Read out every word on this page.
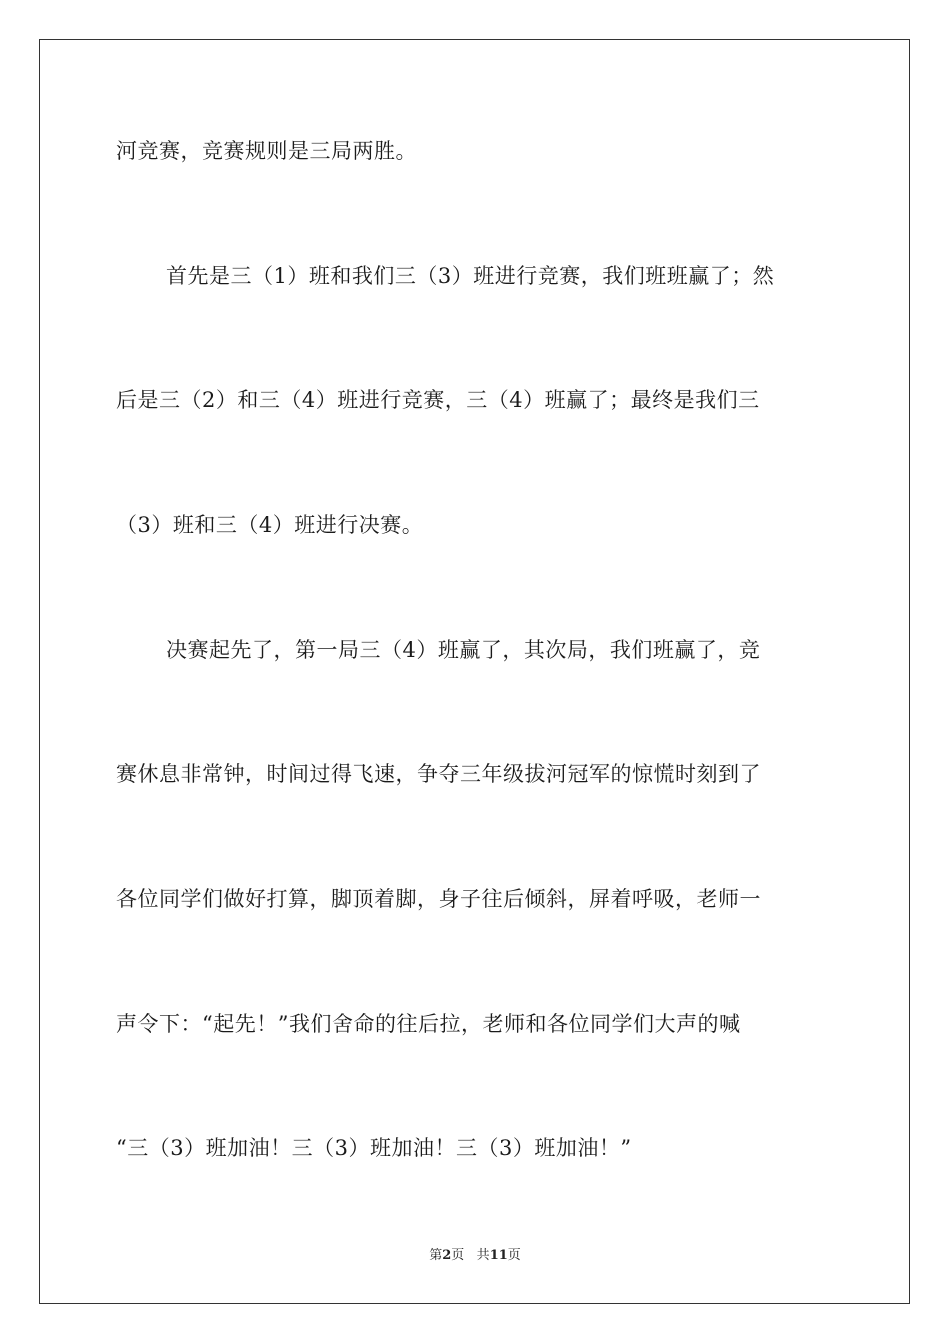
河竞赛，竞赛规则是三局两胜。
首先是三（1）班和我们三（3）班进行竞赛，我们班班赢了；然
后是三（2）和三（4）班进行竞赛，三（4）班赢了；最终是我们三
（3）班和三（4）班进行决赛。
决赛起先了，第一局三（4）班赢了，其次局，我们班赢了，竞
赛休息非常钟，时间过得飞速，争夺三年级拔河冠军的惊慌时刻到了
各位同学们做好打算，脚顶着脚，身子往后倾斜，屏着呼吸，老师一
声令下：“起先！”我们舍命的往后拉，老师和各位同学们大声的喊
“三（3）班加油！三（3）班加油！三（3）班加油！”
第2页 共11页
